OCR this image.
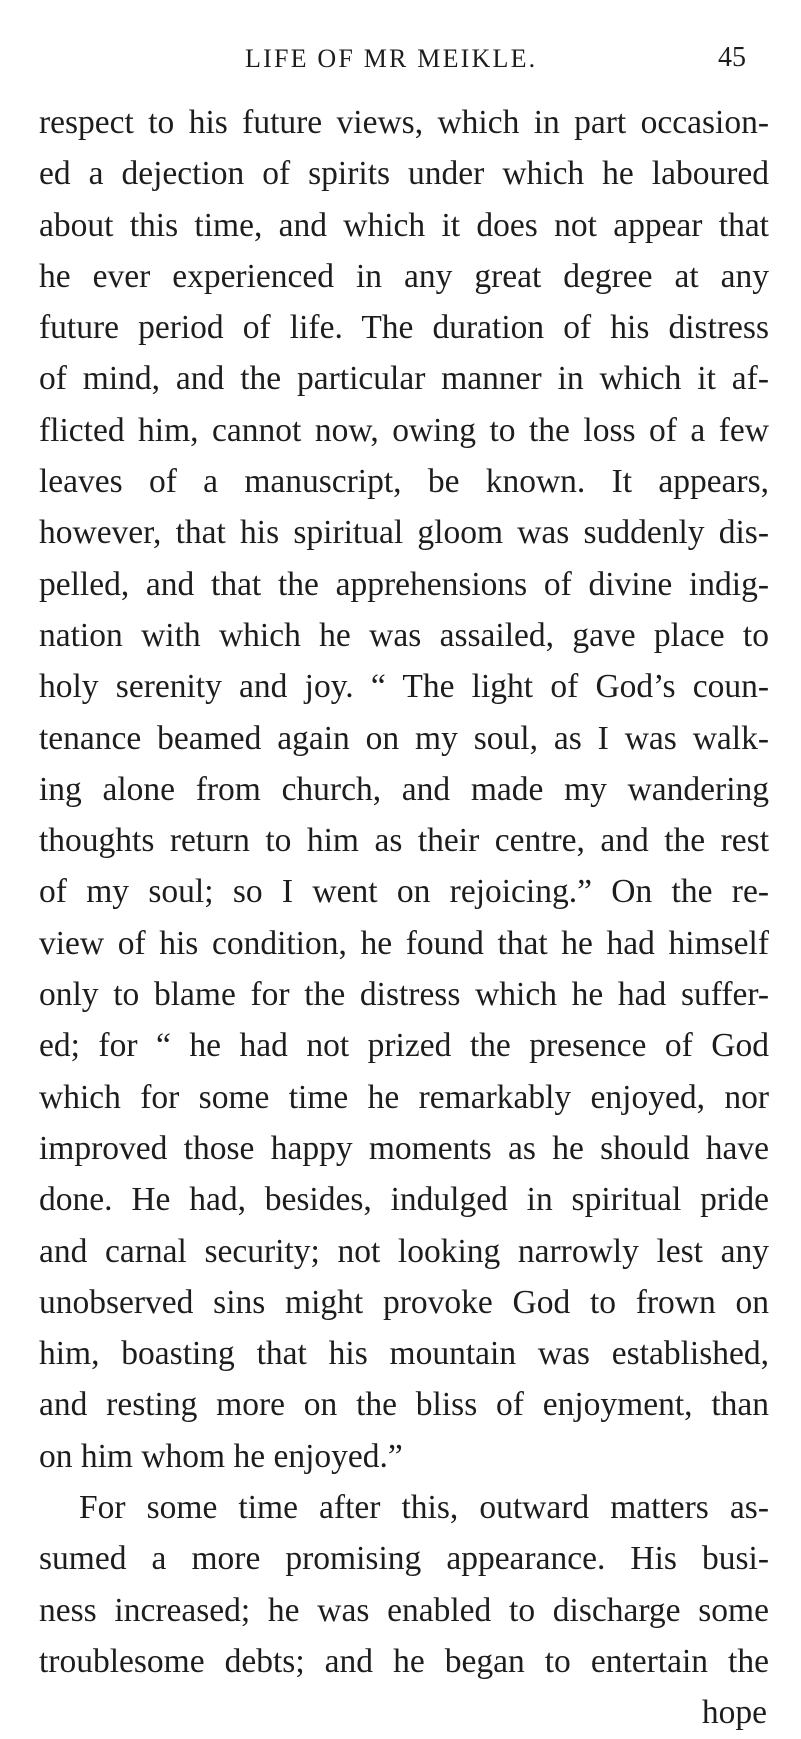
LIFE OF MR MEIKLE.	45
respect to his future views, which in part occasion-
ed a dejection of spirits under which he laboured
about this time, and which it does not appear that
he ever experienced in any great degree at any
future period of life. The duration of his distress
of mind, and the particular manner in which it af-
flicted him, cannot now, owing to the loss of a few
leaves of a manuscript, be known. It appears,
however, that his spiritual gloom was suddenly dis-
pelled, and that the apprehensions of divine indig-
nation with which he was assailed, gave place to
holy serenity and joy. “ The light of God’s coun-
tenance beamed again on my soul, as I was walk-
ing alone from church, and made my wandering
thoughts return to him as their centre, and the rest
of my soul; so I went on rejoicing.” On the re-
view of his condition, he found that he had himself
only to blame for the distress which he had suffer-
ed; for “ he had not prized the presence of God
which for some time he remarkably enjoyed, nor
improved those happy moments as he should have
done. He had, besides, indulged in spiritual pride
and carnal security; not looking narrowly lest any
unobserved sins might provoke God to frown on
him, boasting that his mountain was established,
and resting more on the bliss of enjoyment, than
on him whom he enjoyed.”
For some time after this, outward matters as-
sumed a more promising appearance. His busi-
ness increased; he was enabled to discharge some
troublesome debts; and he began to entertain the
hope
